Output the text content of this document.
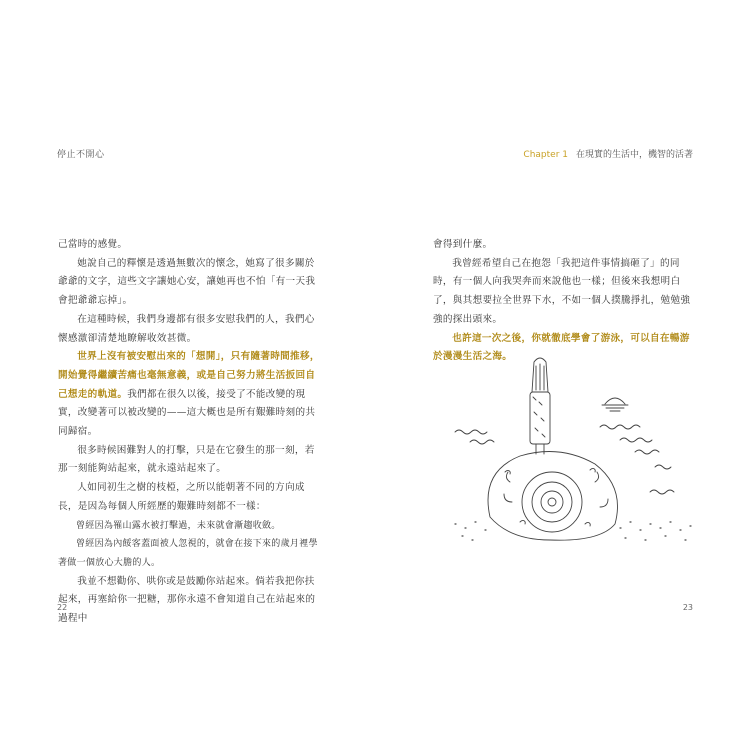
停止不開心

己當時的感覺。

她說自己的釋懷是透過無數次的懷念，她寫了很多關於爺爺的文字，這些文字讓她心安，讓她再也不怕「有一天我會把爺爺忘掉」。

在這種時候，我們身邊都有很多安慰我們的人，我們心懷感激卻清楚地瞭解收效甚微。

世界上沒有被安慰出來的「想開」，只有隨著時間推移，開始覺得繼續苦痛也毫無意義，或是自己努力將生活扳回自己想走的軌道。我們都在很久以後，接受了不能改變的現實，改變著可以被改變的——這大概也是所有艱難時刻的共同歸宿。

很多時候困難對人的打擊，只是在它發生的那一刻，若那一刻能夠站起來，就永遠站起來了。

人如同初生之樹的枝椏，之所以能朝著不同的方向成長，是因為每個人所經歷的艱難時刻都不一樣：

曾經因為罹山露水被打擊過，未來就會漸趨收斂。

曾經因為內餒客蓋面被人忽視的，就會在接下來的歲月裡學著做一個放心大膽的人。

我並不想勸你、哄你或是鼓勵你站起來。倘若我把你扶起來，再塞給你一把糖，那你永遠不會知道自己在站起來的過程中

22
Chapter 1 在現實的生活中，機智的活著

會得到什麼。

我曾經希望自己在抱怨「我把這件事情搞砸了」的同時，有一個人向我哭奔而來說他也一樣；但後來我想明白了，與其想要拉全世界下水，不如一個人撲騰掙扎，勉勉強強的探出頭來。

也許這一次之後，你就徹底學會了游泳，可以自在暢游於漫漫生活之海。

23
